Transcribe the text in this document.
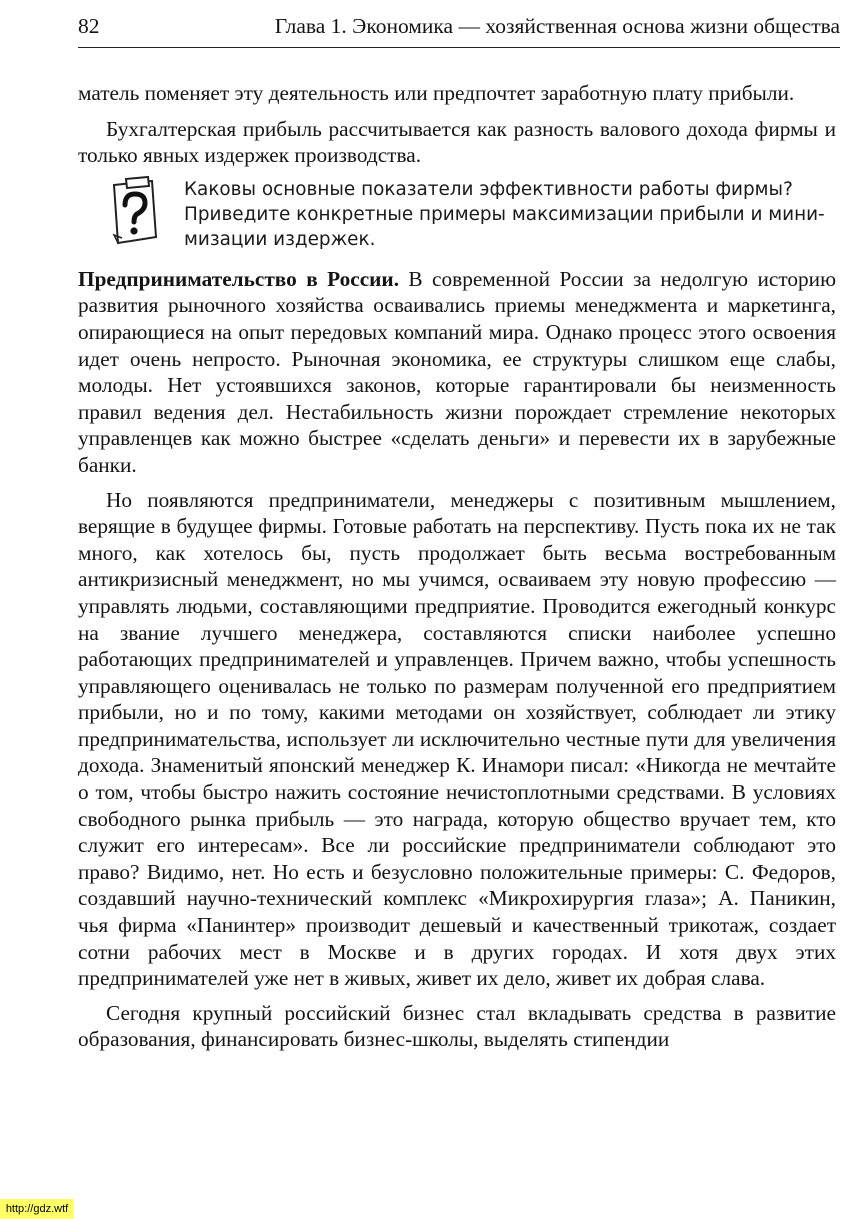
82	Глава 1. Экономика — хозяйственная основа жизни общества

матель поменяет эту деятельность или предпочтет заработную плату прибыли.

Бухгалтерская прибыль рассчитывается как разность валового дохода фирмы и только явных издержек производства.

Каковы основные показатели эффективности работы фирмы?
Приведите конкретные примеры максимизации прибыли и мини-
мизации издержек.

Предпринимательство в России. В современной России за недолгую историю развития рыночного хозяйства осваивались приемы менеджмента и маркетинга, опирающиеся на опыт передовых компаний мира. Однако процесс этого освоения идет очень непросто. Рыночная экономика, ее структуры слишком еще слабы, молоды. Нет устоявшихся законов, которые гарантировали бы неизменность правил ведения дел. Нестабильность жизни порождает стремление некоторых управленцев как можно быстрее «сделать деньги» и перевести их в зарубежные банки.

Но появляются предприниматели, менеджеры с позитивным мышлением, верящие в будущее фирмы. Готовые работать на перспективу. Пусть пока их не так много, как хотелось бы, пусть продолжает быть весьма востребованным антикризисный менеджмент, но мы учимся, осваиваем эту новую профессию — управлять людьми, составляющими предприятие. Проводится ежегодный конкурс на звание лучшего менеджера, составляются списки наиболее успешно работающих предпринимателей и управленцев. Причем важно, чтобы успешность управляющего оценивалась не только по размерам полученной его предприятием прибыли, но и по тому, какими методами он хозяйствует, соблюдает ли этику предпринимательства, использует ли исключительно честные пути для увеличения дохода. Знаменитый японский менеджер К. Инамори писал: «Никогда не мечтайте о том, чтобы быстро нажить состояние нечистоплотными средствами. В условиях свободного рынка прибыль — это награда, которую общество вручает тем, кто служит его интересам». Все ли российские предприниматели соблюдают это право? Видимо, нет. Но есть и безусловно положительные примеры: С. Федоров, создавший научно-технический комплекс «Микрохирургия глаза»; А. Паникин, чья фирма «Панинтер» производит дешевый и качественный трикотаж, создает сотни рабочих мест в Москве и в других городах. И хотя двух этих предпринимателей уже нет в живых, живет их дело, живет их добрая слава.

Сегодня крупный российский бизнес стал вкладывать средства в развитие образования, финансировать бизнес-школы, выделять стипендии

http://gdz.wtf
